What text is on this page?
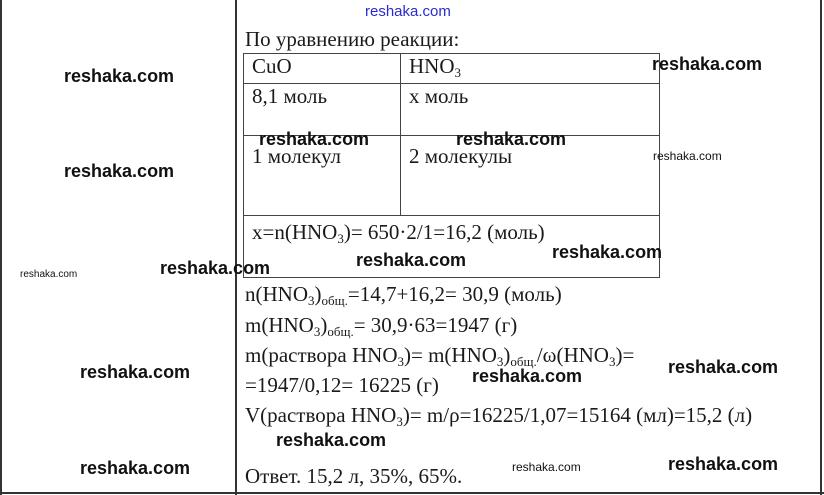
По уравнению реакции:
CuO	$HNO_3$
8,1 моль	х моль
1 молекул	2 молекулы
$x=n(HNO_3)= 650\cdot 2/1=16,2$ (моль)	
$n(HNO_3)_{общ.}=14,7+16,2= 30,9$ (моль)
$m(HNO_3)_{общ.}= 30,9\cdot 63=1947$ (г)
m(раствора $HNO_3)= m(HNO_3)_{общ.}/\omega(HNO_3)=$
=1947/0,12= 16225 (г)
V(раствора $HNO_3)= m/\rho=16225/1,07=15164$ (мл)=15,2 (л)
Ответ. 15,2 л, 35%, 65%.
reshaka.com
reshaka.com
reshaka.com
reshaka.com	reshaka.com
reshaka.com
reshaka.com
reshaka.com
reshaka.com
reshaka.com
reshaka.com
reshaka.com	reshaka.com
reshaka.com
reshaka.com
reshaka.com	reshaka.com	reshaka.com
